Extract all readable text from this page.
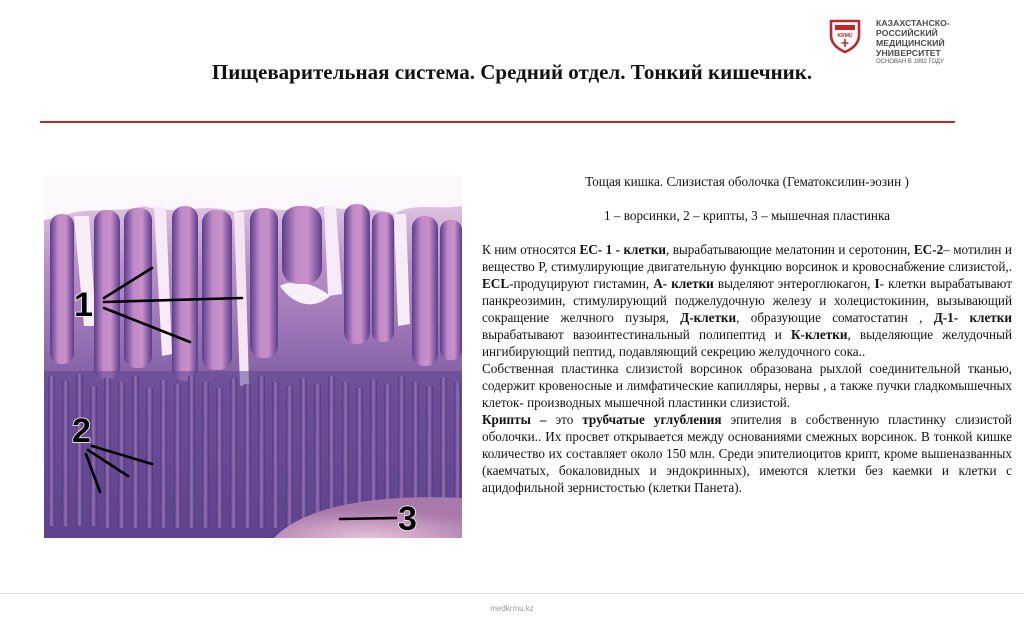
KRMU
КАЗАХСТАНСКО-РОССИЙСКИЙ
МЕДИЦИНСКИЙ УНИВЕРСИТЕТ
ОСНОВАН В 1992 ГОДУ
Пищеварительная система. Средний отдел. Тонкий кишечник.
1
2
3

Тощая кишка. Слизистая оболочка (Гематоксилин-эозин )

1 – ворсинки, 2 – крипты, 3 – мышечная пластинка

К ним относятся EC- 1 - клетки, вырабатывающие мелатонин и серотонин, EC-2– мотилин и вещество P, стимулирующие двигательную функцию ворсинок и кровоснабжение слизистой,. ECL-продуцируют гистамин, A- клетки выделяют энтероглюкагон, I- клетки вырабатывают панкреозимин, стимулирующий поджелудочную железу и холецистокинин, вызывающий сокращение желчного пузыря, Д-клетки, образующие соматостатин , Д-1- клетки вырабатывают вазоинтестинальный полипептид и К-клетки, выделяющие желудочный ингибирующий пептид, подавляющий секрецию желудочного сока..

Собственная пластинка слизистой ворсинок образована рыхлой соединительной тканью, содержит кровеносные и лимфатические капилляры, нервы , а также пучки гладкомышечных клеток- производных мышечной пластинки слизистой.

Крипты – это трубчатые углубления эпителия в собственную пластинку слизистой оболочки.. Их просвет открывается между основаниями смежных ворсинок. В тонкой кишке количество их составляет около 150 млн. Среди эпителиоцитов крипт, кроме вышеназванных (каемчатых, бокаловидных и эндокринных), имеются клетки без каемки и клетки с ацидофильной зернистостью (клетки Панета).

medkrmu.kz
